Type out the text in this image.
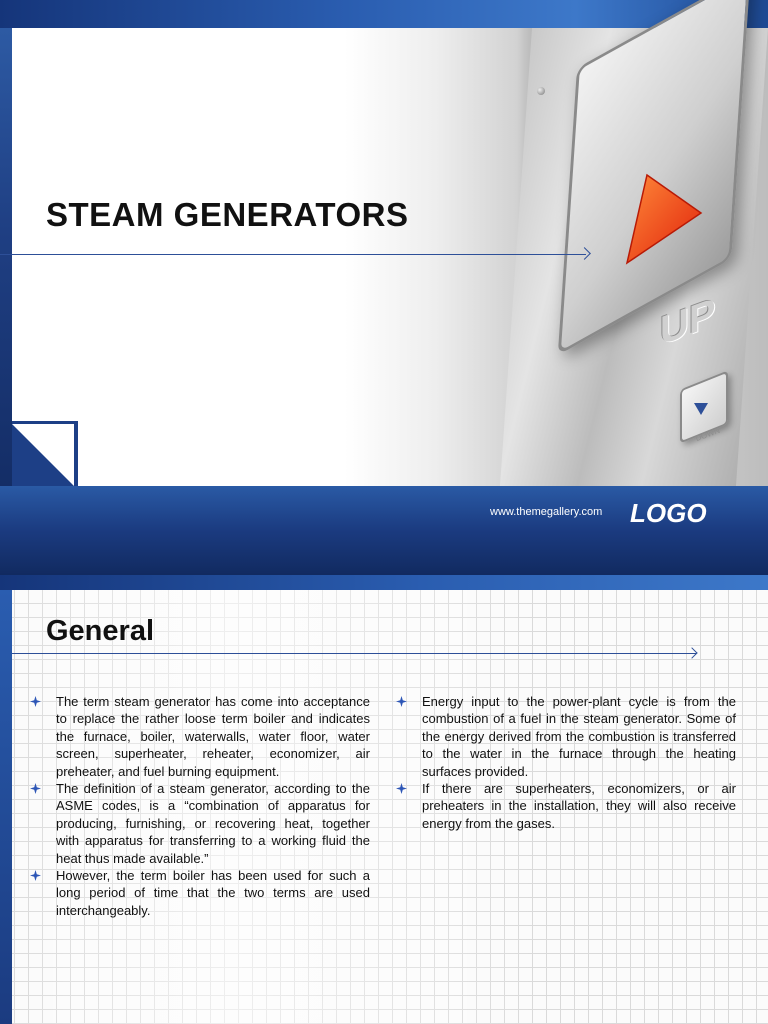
UP
DOWN
STEAM GENERATORS
www.themegallery.com LOGO
General
The term steam generator has come into acceptance to replace the rather loose term boiler and indicates the furnace, boiler, waterwalls, water floor, water screen, superheater, reheater, economizer, air preheater, and fuel burning equipment.
The definition of a steam generator, according to the ASME codes, is a “combination of apparatus for producing, furnishing, or recovering heat, together with apparatus for transferring to a working fluid the heat thus made available.”
However, the term boiler has been used for such a long period of time that the two terms are used interchangeably.
Energy input to the power-plant cycle is from the combustion of a fuel in the steam generator. Some of the energy derived from the combustion is transferred to the water in the furnace through the heating surfaces provided.
If there are superheaters, economizers, or air preheaters in the installation, they will also receive energy from the gases.
